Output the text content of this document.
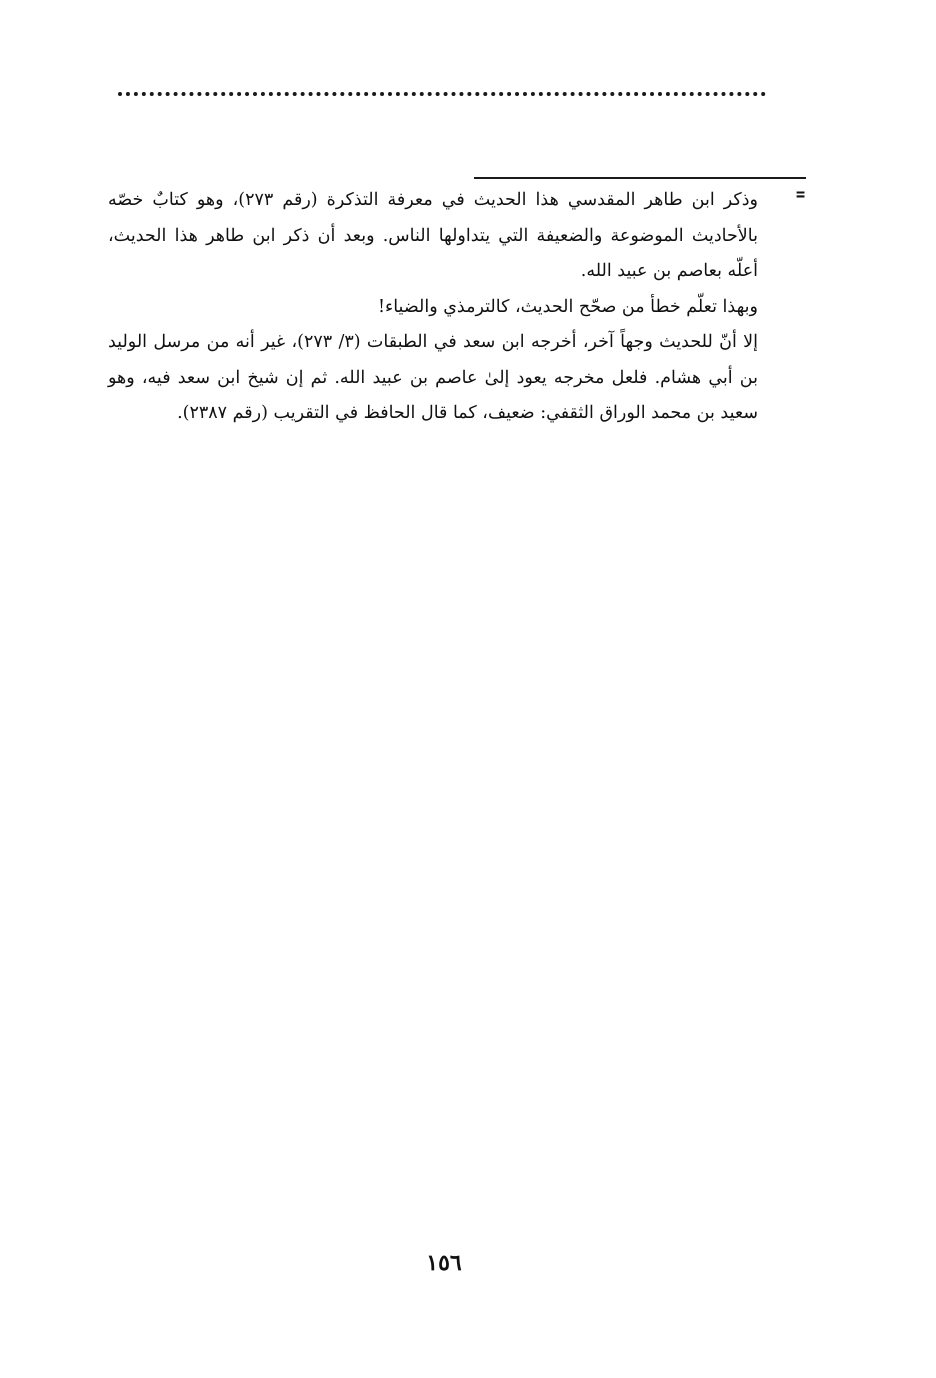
=

وذكر ابن طاهر المقدسي هذا الحديث في معرفة التذكرة (رقم ٢٧٣)، وهو كتابٌ خصّه بالأحاديث الموضوعة والضعيفة التي يتداولها الناس. وبعد أن ذكر ابن طاهر هذا الحديث، أعلّه بعاصم بن عبيد الله.

وبهذا تعلّم خطأ من صحّح الحديث، كالترمذي والضياء!

إلا أنّ للحديث وجهاً آخر، أخرجه ابن سعد في الطبقات (٣/ ٢٧٣)، غير أنه من مرسل الوليد بن أبي هشام. فلعل مخرجه يعود إلىٰ عاصم بن عبيد الله. ثم إن شيخ ابن سعد فيه، وهو سعيد بن محمد الوراق الثقفي: ضعيف، كما قال الحافظ في التقريب (رقم ٢٣٨٧).

١٥٦
